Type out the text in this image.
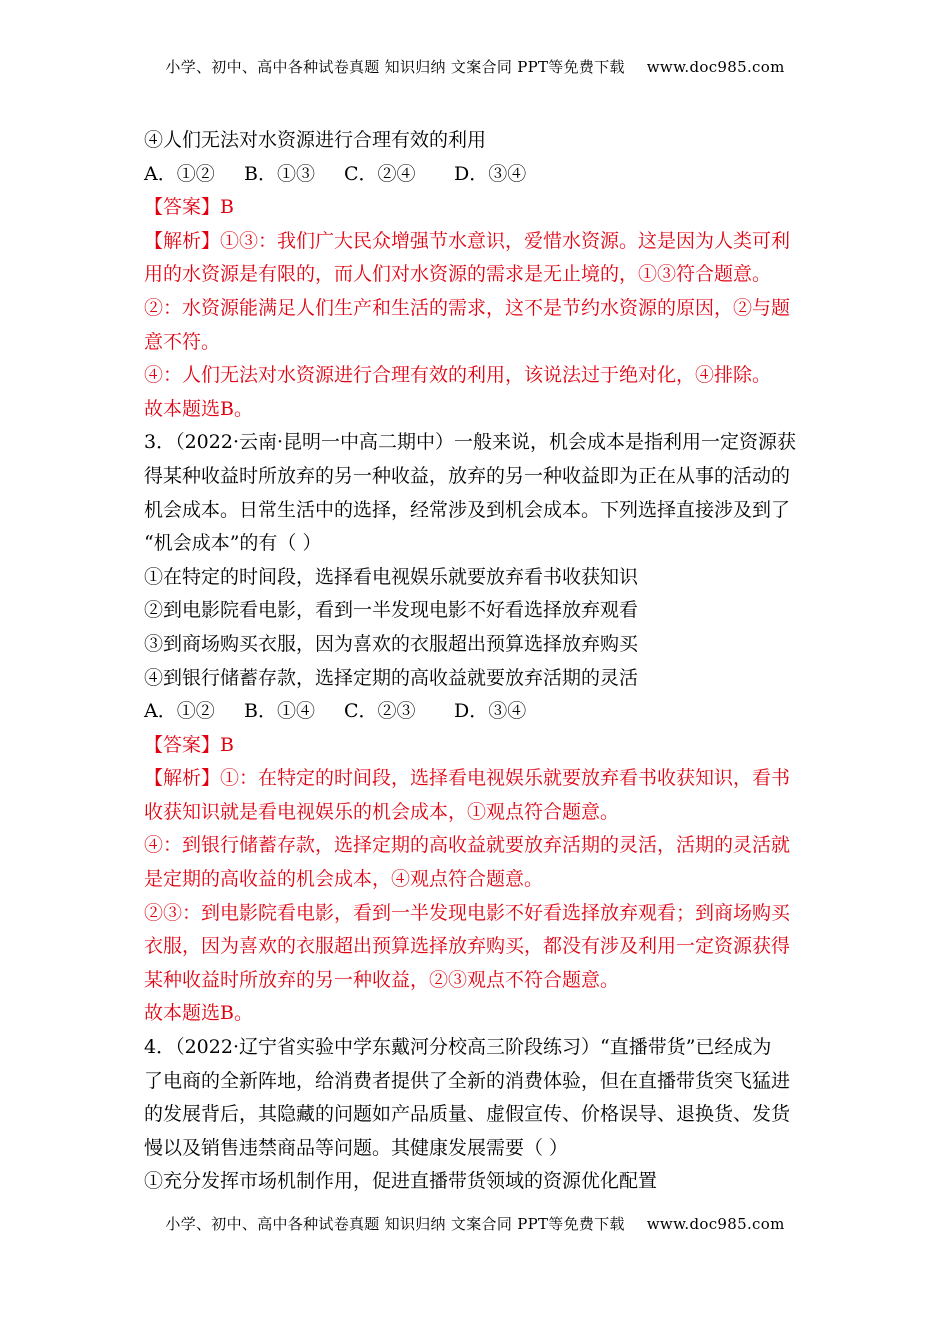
小学、初中、高中各种试卷真题 知识归纳 文案合同 PPT等免费下载 www.doc985.com
④人们无法对水资源进行合理有效的利用
A．①② B．①③ C．②④ D．③④
【答案】B
【解析】①③：我们广大民众增强节水意识，爱惜水资源。这是因为人类可利
用的水资源是有限的，而人们对水资源的需求是无止境的，①③符合题意。
②：水资源能满足人们生产和生活的需求，这不是节约水资源的原因，②与题
意不符。
④：人们无法对水资源进行合理有效的利用，该说法过于绝对化，④排除。
故本题选B。
3．（2022·云南·昆明一中高二期中）一般来说，机会成本是指利用一定资源获
得某种收益时所放弃的另一种收益，放弃的另一种收益即为正在从事的活动的
机会成本。日常生活中的选择，经常涉及到机会成本。下列选择直接涉及到了
“机会成本”的有（ ）
①在特定的时间段，选择看电视娱乐就要放弃看书收获知识
②到电影院看电影，看到一半发现电影不好看选择放弃观看
③到商场购买衣服，因为喜欢的衣服超出预算选择放弃购买
④到银行储蓄存款，选择定期的高收益就要放弃活期的灵活
A．①② B．①④ C．②③ D．③④
【答案】B
【解析】①：在特定的时间段，选择看电视娱乐就要放弃看书收获知识，看书
收获知识就是看电视娱乐的机会成本，①观点符合题意。
④：到银行储蓄存款，选择定期的高收益就要放弃活期的灵活，活期的灵活就
是定期的高收益的机会成本，④观点符合题意。
②③：到电影院看电影，看到一半发现电影不好看选择放弃观看；到商场购买
衣服，因为喜欢的衣服超出预算选择放弃购买，都没有涉及利用一定资源获得
某种收益时所放弃的另一种收益，②③观点不符合题意。
故本题选B。
4．（2022·辽宁省实验中学东戴河分校高三阶段练习）“直播带货”已经成为
了电商的全新阵地，给消费者提供了全新的消费体验，但在直播带货突飞猛进
的发展背后，其隐藏的问题如产品质量、虚假宣传、价格误导、退换货、发货
慢以及销售违禁商品等问题。其健康发展需要（ ）
①充分发挥市场机制作用，促进直播带货领域的资源优化配置
小学、初中、高中各种试卷真题 知识归纳 文案合同 PPT等免费下载 www.doc985.com
